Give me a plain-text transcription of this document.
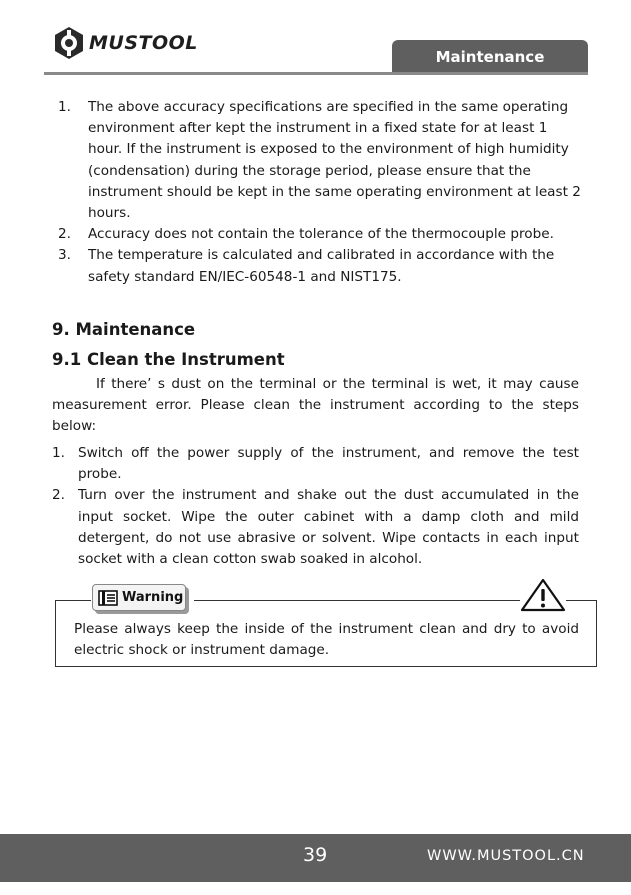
MUSTOOL
Maintenance
1. The above accuracy specifications are specified in the same operating environment after kept the instrument in a fixed state for at least 1 hour. If the instrument is exposed to the environment of high humidity (condensation) during the storage period, please ensure that the instrument should be kept in the same operating environment at least 2 hours.
2. Accuracy does not contain the tolerance of the thermocouple probe.
3. The temperature is calculated and calibrated in accordance with the safety standard EN/IEC-60548-1 and NIST175.
9. Maintenance
9.1 Clean the Instrument

If there’ s dust on the terminal or the terminal is wet, it may cause measurement error. Please clean the instrument according to the steps below:

1. Switch off the power supply of the instrument, and remove the test probe.
2. Turn over the instrument and shake out the dust accumulated in the input socket. Wipe the outer cabinet with a damp cloth and mild detergent, do not use abrasive or solvent. Wipe contacts in each input socket with a clean cotton swab soaked in alcohol.
Warning

Please always keep the inside of the instrument clean and dry to avoid electric shock or instrument damage.

39	WWW.MUSTOOL.CN
